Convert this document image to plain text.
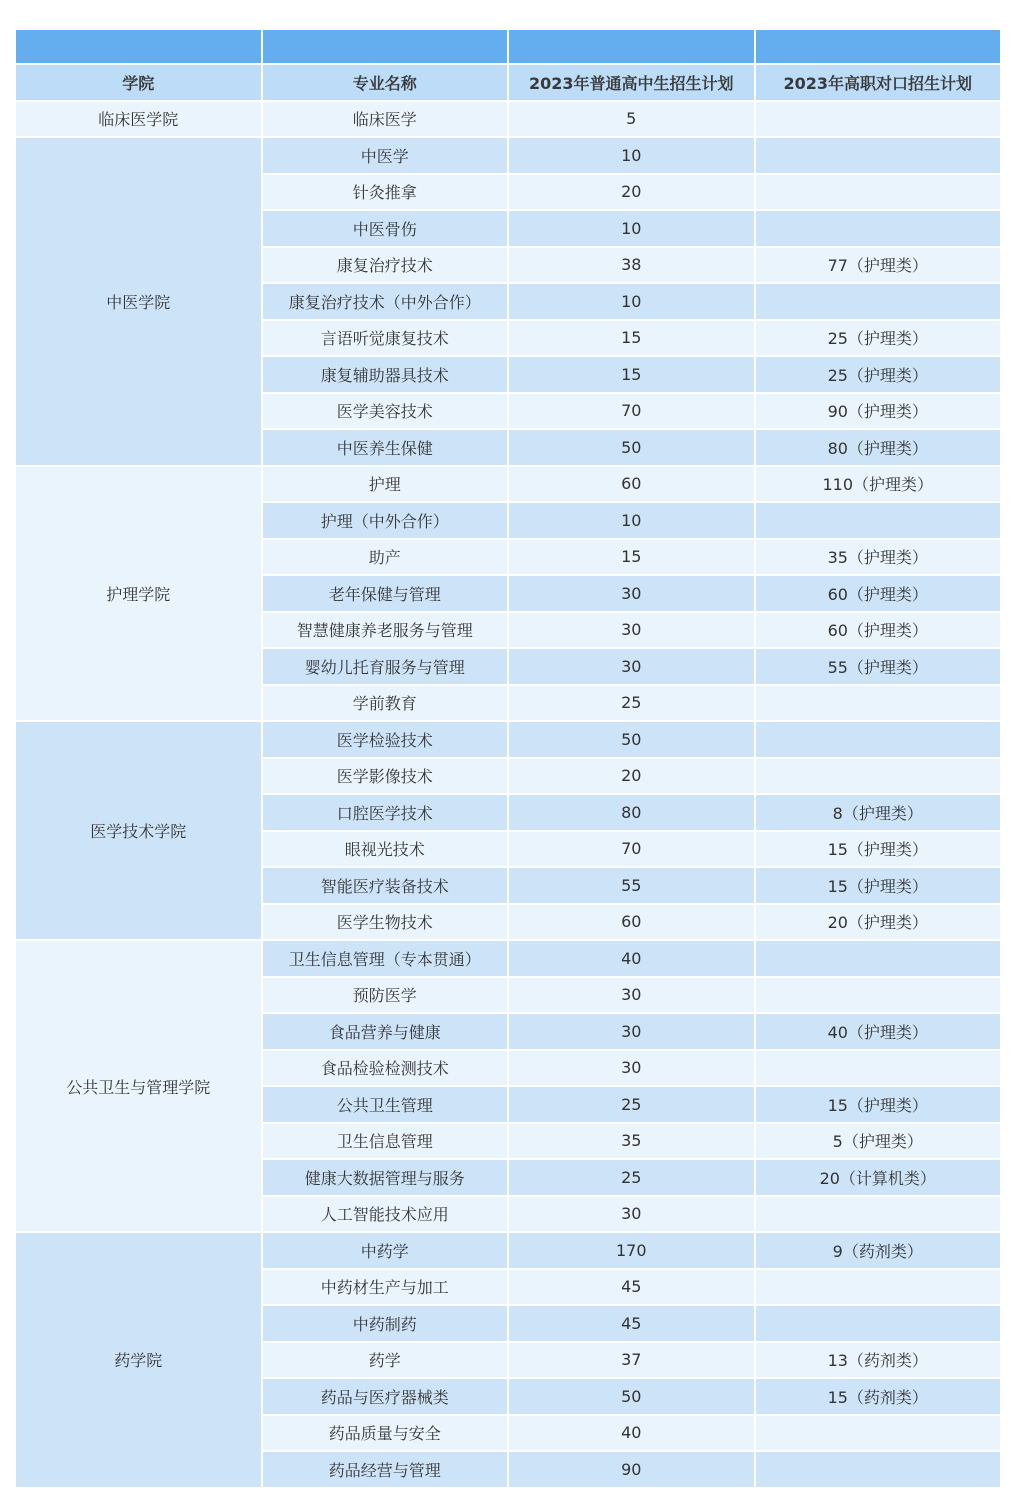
学院	专业名称	2023年普通高中生招生计划	2023年高职对口招生计划
临床医学院	临床医学	5	
中医学院	中医学	10	
	针灸推拿	20	
	中医骨伤	10	
	康复治疗技术	38	77（护理类）
	康复治疗技术（中外合作）	10	
	言语听觉康复技术	15	25（护理类）
	康复辅助器具技术	15	25（护理类）
	医学美容技术	70	90（护理类）
	中医养生保健	50	80（护理类）
护理学院	护理	60	110（护理类）
	护理（中外合作）	10	
	助产	15	35（护理类）
	老年保健与管理	30	60（护理类）
	智慧健康养老服务与管理	30	60（护理类）
	婴幼儿托育服务与管理	30	55（护理类）
	学前教育	25	
医学技术学院	医学检验技术	50	
	医学影像技术	20	
	口腔医学技术	80	8（护理类）
	眼视光技术	70	15（护理类）
	智能医疗装备技术	55	15（护理类）
	医学生物技术	60	20（护理类）
公共卫生与管理学院	卫生信息管理（专本贯通）	40	
	预防医学	30	
	食品营养与健康	30	40（护理类）
	食品检验检测技术	30	
	公共卫生管理	25	15（护理类）
	卫生信息管理	35	5（护理类）
	健康大数据管理与服务	25	20（计算机类）
	人工智能技术应用	30	
药学院	中药学	170	9（药剂类）
	中药材生产与加工	45	
	中药制药	45	
	药学	37	13（药剂类）
	药品与医疗器械类	50	15（药剂类）
	药品质量与安全	40	
	药品经营与管理	90	
